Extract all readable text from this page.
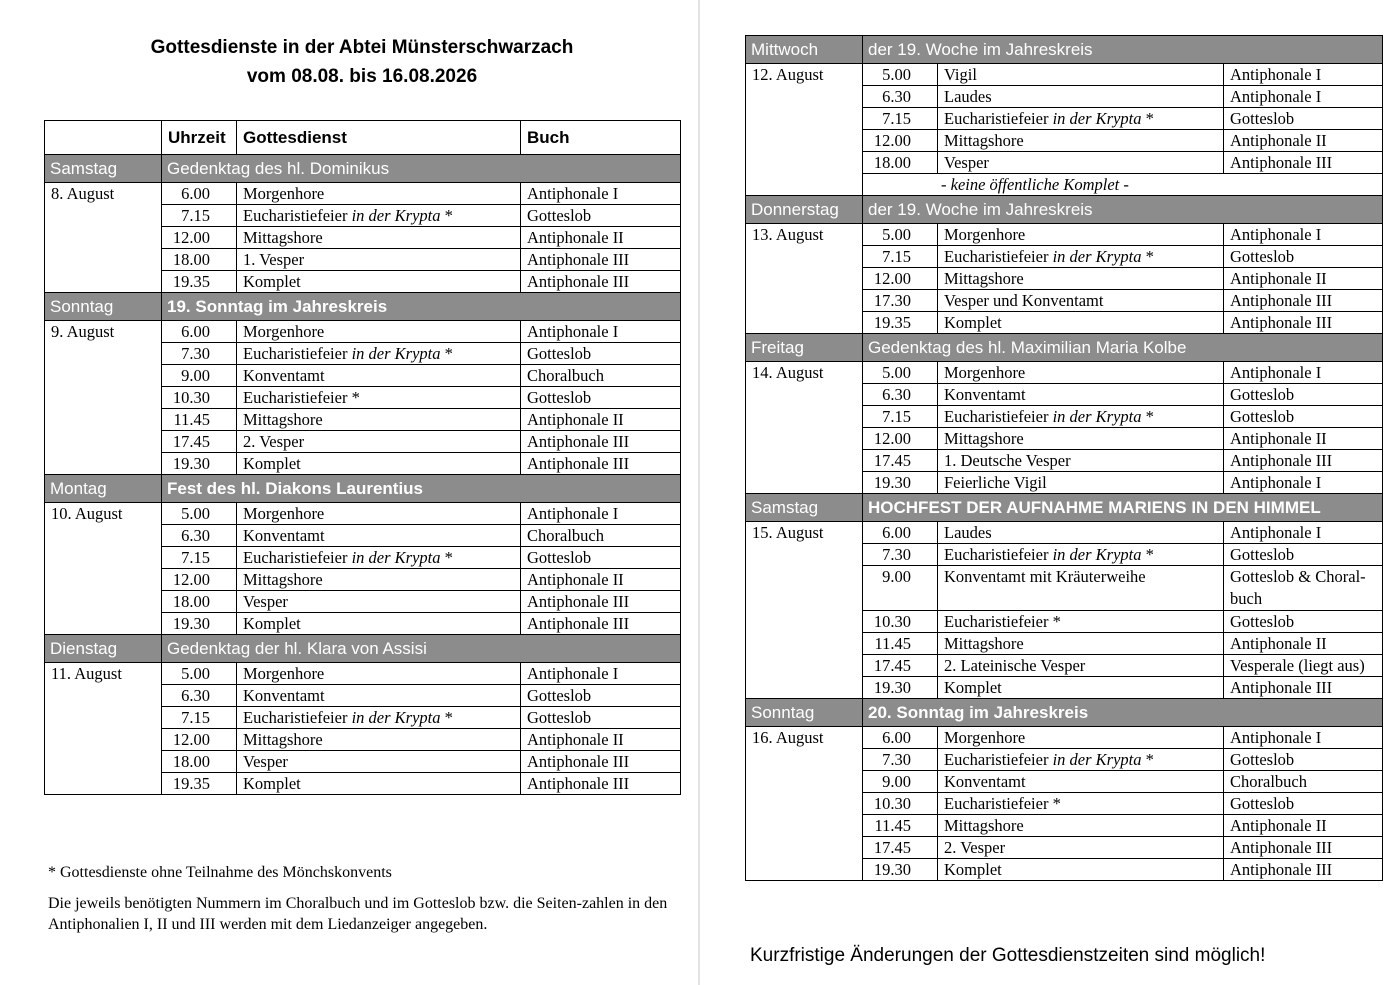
Gottesdienste in der Abtei Münsterschwarzach
vom 08.08. bis 16.08.2026
	Uhrzeit	Gottesdienst	Buch
Samstag	Gedenktag des hl. Dominikus		
8. August	6.00	Morgenhore	Antiphonale I
	7.15	Eucharistiefeier in der Krypta *	Gotteslob
	12.00	Mittagshore	Antiphonale II
	18.00	1. Vesper	Antiphonale III
	19.35	Komplet	Antiphonale III
Sonntag	19. Sonntag im Jahreskreis		
9. August	6.00	Morgenhore	Antiphonale I
	7.30	Eucharistiefeier in der Krypta *	Gotteslob
	9.00	Konventamt	Choralbuch
	10.30	Eucharistiefeier *	Gotteslob
	11.45	Mittagshore	Antiphonale II
	17.45	2. Vesper	Antiphonale III
	19.30	Komplet	Antiphonale III
Montag	Fest des hl. Diakons Laurentius		
10. August	5.00	Morgenhore	Antiphonale I
	6.30	Konventamt	Choralbuch
	7.15	Eucharistiefeier in der Krypta *	Gotteslob
	12.00	Mittagshore	Antiphonale II
	18.00	Vesper	Antiphonale III
	19.30	Komplet	Antiphonale III
Dienstag	Gedenktag der hl. Klara von Assisi		
11. August	5.00	Morgenhore	Antiphonale I
	6.30	Konventamt	Gotteslob
	7.15	Eucharistiefeier in der Krypta *	Gotteslob
	12.00	Mittagshore	Antiphonale II
	18.00	Vesper	Antiphonale III
	19.35	Komplet	Antiphonale III
Mittwoch	der 19. Woche im Jahreskreis		
12. August	5.00	Vigil	Antiphonale I
	6.30	Laudes	Antiphonale I
	7.15	Eucharistiefeier in der Krypta *	Gotteslob
	12.00	Mittagshore	Antiphonale II
	18.00	Vesper	Antiphonale III
	- keine öffentliche Komplet -		
Donnerstag	der 19. Woche im Jahreskreis		
13. August	5.00	Morgenhore	Antiphonale I
	7.15	Eucharistiefeier in der Krypta *	Gotteslob
	12.00	Mittagshore	Antiphonale II
	17.30	Vesper und Konventamt	Antiphonale III
	19.35	Komplet	Antiphonale III
Freitag	Gedenktag des hl. Maximilian Maria Kolbe		
14. August	5.00	Morgenhore	Antiphonale I
	6.30	Konventamt	Gotteslob
	7.15	Eucharistiefeier in der Krypta *	Gotteslob
	12.00	Mittagshore	Antiphonale II
	17.45	1. Deutsche Vesper	Antiphonale III
	19.30	Feierliche Vigil	Antiphonale I
Samstag	HOCHFEST DER AUFNAHME MARIENS IN DEN HIMMEL		
15. August	6.00	Laudes	Antiphonale I
	7.30	Eucharistiefeier in der Krypta *	Gotteslob
	9.00	Konventamt mit Kräuterweihe	Gotteslob & Choral-buch
	10.30	Eucharistiefeier *	Gotteslob
	11.45	Mittagshore	Antiphonale II
	17.45	2. Lateinische Vesper	Vesperale (liegt aus)
	19.30	Komplet	Antiphonale III
Sonntag	20. Sonntag im Jahreskreis		
16. August	6.00	Morgenhore	Antiphonale I
	7.30	Eucharistiefeier in der Krypta *	Gotteslob
	9.00	Konventamt	Choralbuch
	10.30	Eucharistiefeier *	Gotteslob
	11.45	Mittagshore	Antiphonale II
	17.45	2. Vesper	Antiphonale III
	19.30	Komplet	Antiphonale III
* Gottesdienste ohne Teilnahme des Mönchskonvents
Die jeweils benötigten Nummern im Choralbuch und im Gotteslob bzw. die Seiten-zahlen in den Antiphonalien I, II und III werden mit dem Liedanzeiger angegeben.
Kurzfristige Änderungen der Gottesdienstzeiten sind möglich!
